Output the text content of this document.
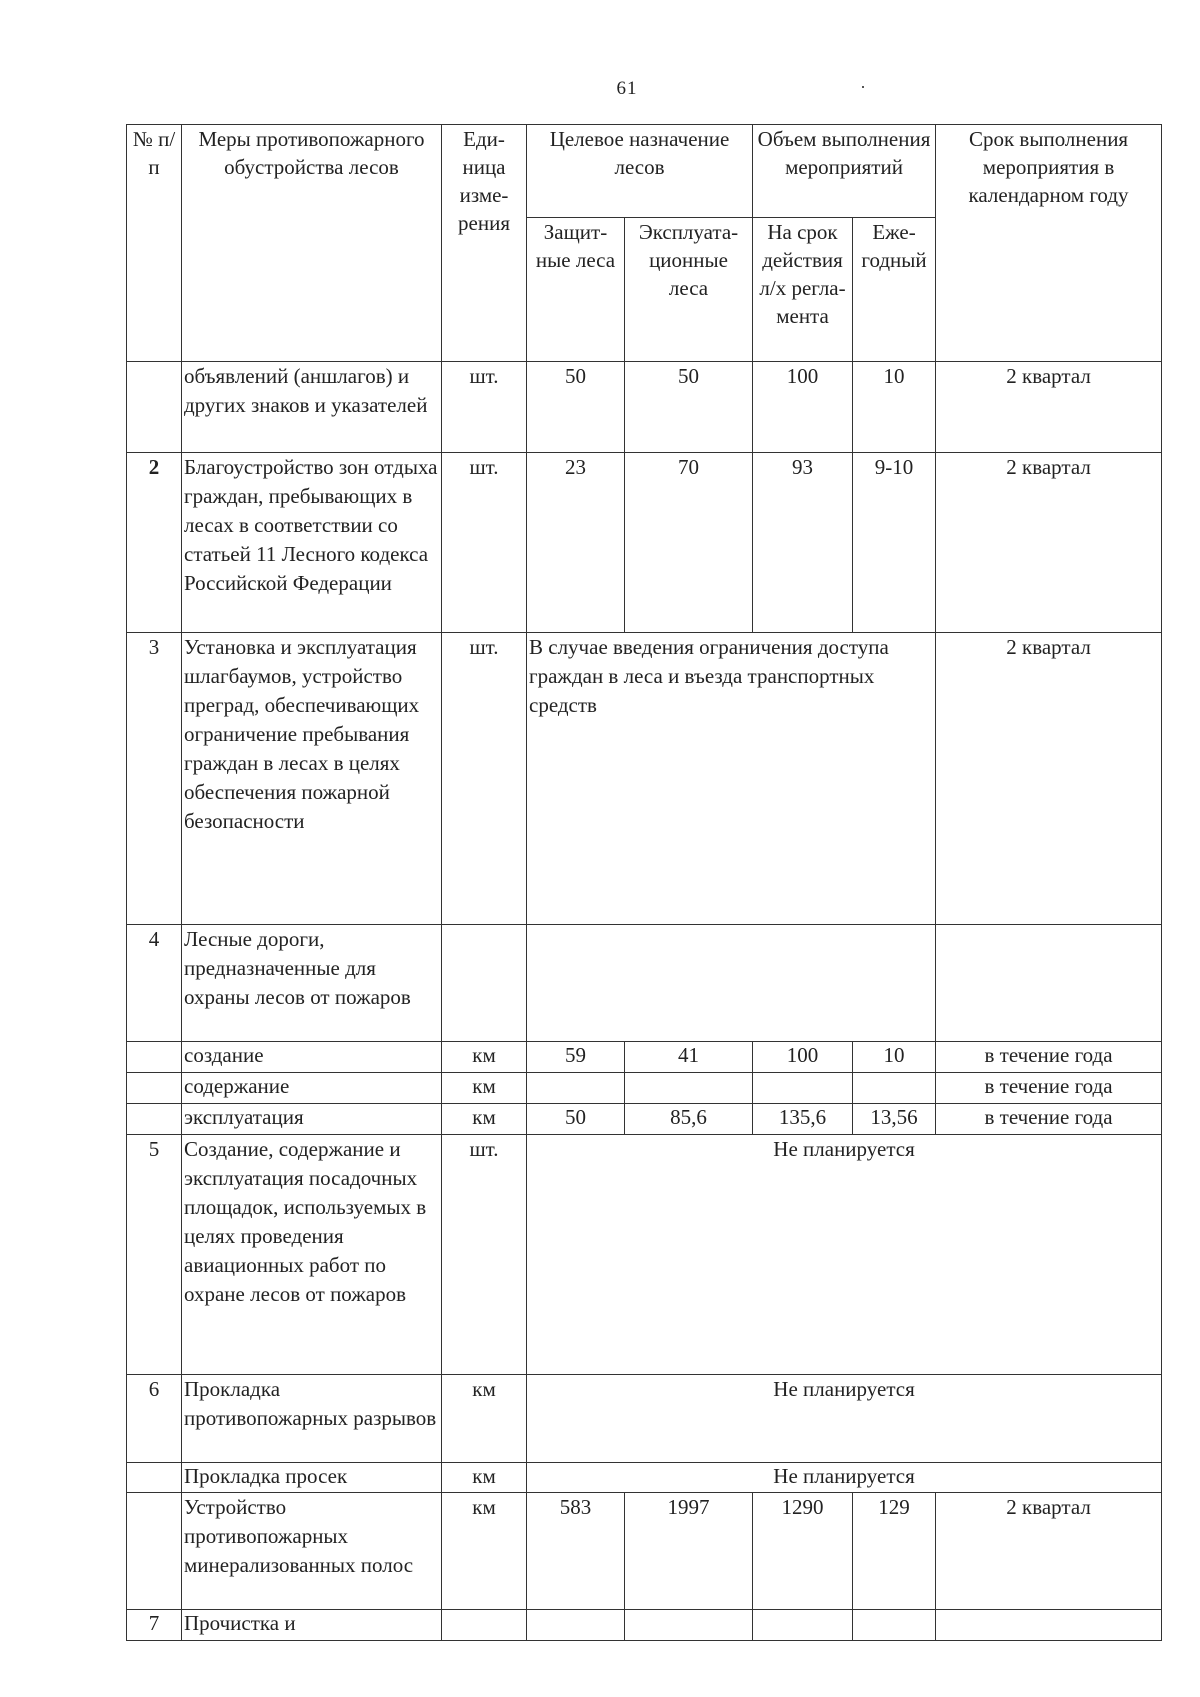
61
№ п/п	Меры противопожарного обустройства лесов	Еди-ница изме-рения	Целевое назначение лесов		Объем выполнения мероприятий		Срок выполнения мероприятия в календарном году
			Защит-ные леса	Эксплуата-ционные леса	На срок действия л/х регла-мента	Еже-годный	
	объявлений (аншлагов) и других знаков и указателей	шт.	50	50	100	10	2 квартал
2	Благоустройство зон отдыха граждан, пребывающих в лесах в соответствии со статьей 11 Лесного кодекса Российской Федерации	шт.	23	70	93	9-10	2 квартал
3	Установка и эксплуатация шлагбаумов, устройство преград, обеспечивающих ограничение пребывания граждан в лесах в целях обеспечения пожарной безопасности	шт.	В случае введения ограничения доступа граждан в леса и въезда транспортных средств				2 квартал
4	Лесные дороги, предназначенные для охраны лесов от пожаров						
	создание	км	59	41	100	10	в течение года
	содержание	км					в течение года
	эксплуатация	км	50	85,6	135,6	13,56	в течение года
5	Создание, содержание и эксплуатация посадочных площадок, используемых в целях проведения авиационных работ по охране лесов от пожаров	шт.	Не планируется				
6	Прокладка противопожарных разрывов	км	Не планируется				
	Прокладка просек	км	Не планируется				
	Устройство противопожарных минерализованных полос	км	583	1997	1290	129	2 квартал
7	Прочистка и						
